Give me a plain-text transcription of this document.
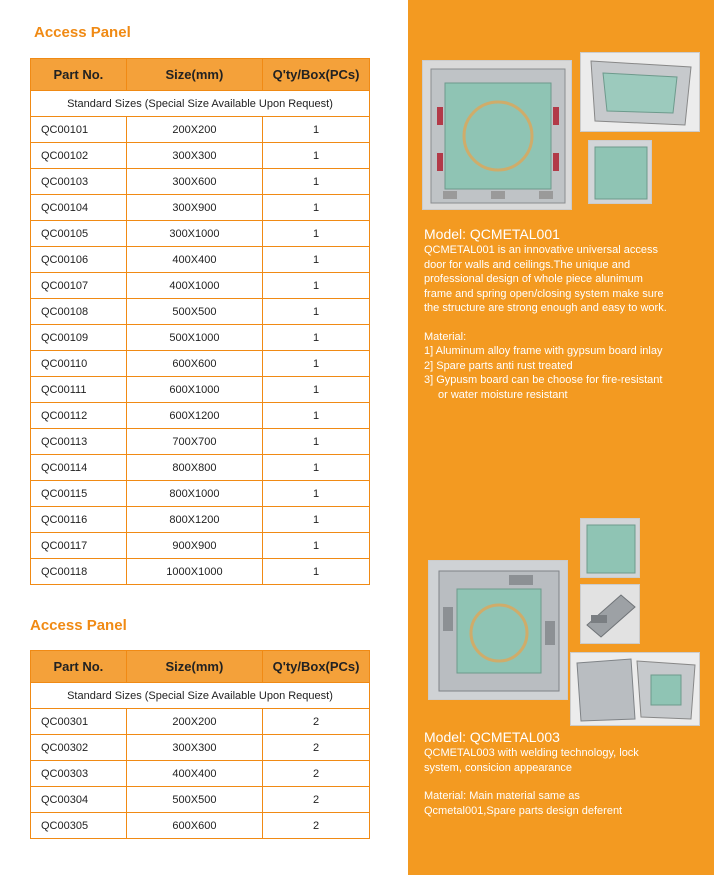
Access Panel
Part No.	Size(mm)	Q'ty/Box(PCs)
Standard Sizes (Special Size Available Upon Request)		
QC00101	200X200	1
QC00102	300X300	1
QC00103	300X600	1
QC00104	300X900	1
QC00105	300X1000	1
QC00106	400X400	1
QC00107	400X1000	1
QC00108	500X500	1
QC00109	500X1000	1
QC00110	600X600	1
QC00111	600X1000	1
QC00112	600X1200	1
QC00113	700X700	1
QC00114	800X800	1
QC00115	800X1000	1
QC00116	800X1200	1
QC00117	900X900	1
QC00118	1000X1000	1
Access Panel
Part No.	Size(mm)	Q'ty/Box(PCs)
Standard Sizes (Special Size Available Upon Request)		
QC00301	200X200	2
QC00302	300X300	2
QC00303	400X400	2
QC00304	500X500	2
QC00305	600X600	2
Model: QCMETAL001
QCMETAL001 is an innovative universal access
door for walls and ceilings.The unique and
professional design of whole piece alunimum
frame and spring open/closing system make sure
the structure are strong enough and easy to work.
Material:
1] Aluminum alloy frame with gypsum board inlay
2] Spare parts anti rust treated
3] Gypusm board can be choose for fire-resistant
or water moisture resistant
Model: QCMETAL003
QCMETAL003 with welding technology, lock
system, consicion appearance
Material: Main material same as
Qcmetal001,Spare parts design deferent
